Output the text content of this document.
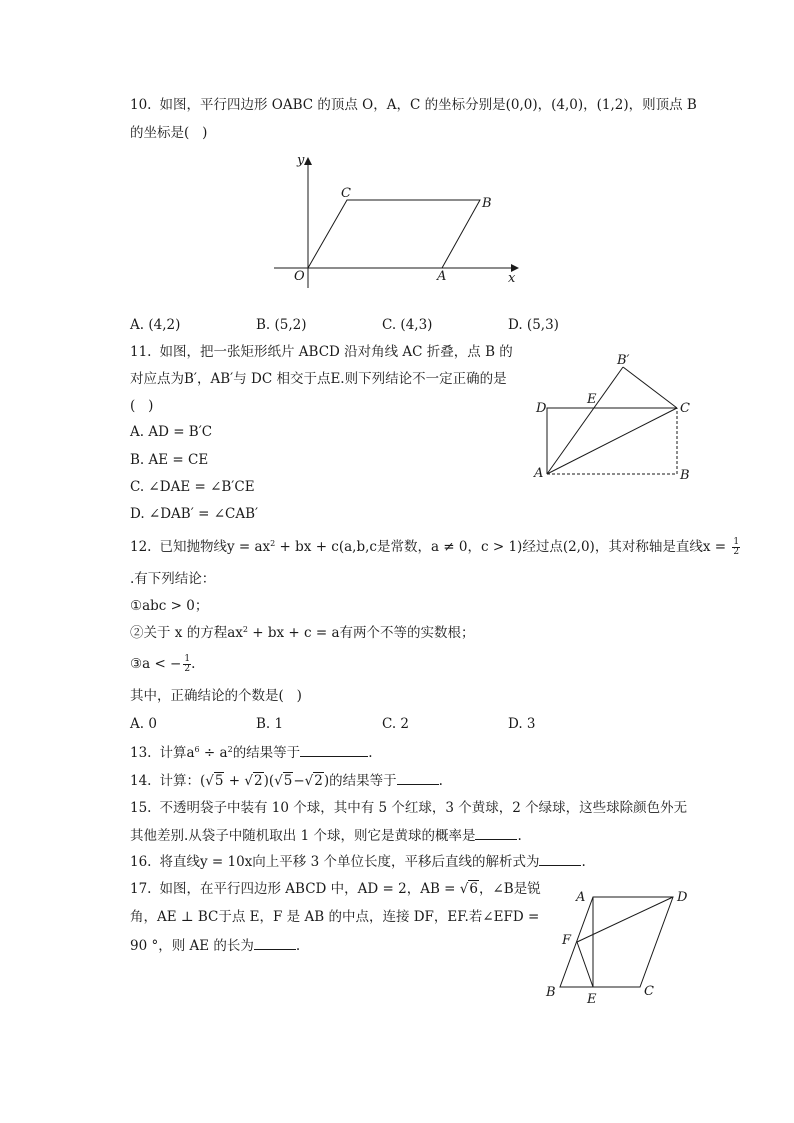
10. 如图，平行四边形 OABC 的顶点 O，A，C 的坐标分别是(0,0)，(4,0)，(1,2)，则顶点 B
的坐标是(   )
y
x
O	A
B
C
A. (4,2)	B. (5,2)	C. (4,3)	D. (5,3)
11. 如图，把一张矩形纸片 ABCD 沿对角线 AC 折叠，点 B 的
对应点为B′，AB′与 DC 相交于点E.则下列结论不一定正确的是
(   )
A. AD = B′C
B. AE = CE
C. ∠DAE = ∠B′CE
D. ∠DAB′ = ∠CAB′
B′
E
D	C
A	B
12. 已知抛物线$y = ax^2$ + bx + c(a,b,c是常数，a ≠ 0，c > 1)经过点(2,0)，其对称轴是直线$x = \frac{1}{2}$
.有下列结论：
①abc > 0；
②关于 x 的方程$ax^2$ + bx + c = a有两个不等的实数根；
③a < − $\frac{1}{2}$ .
其中，正确结论的个数是(   )
A. 0	B. 1	C. 2	D. 3
13. 计算$a^6 \div a^2$的结果等于	.
14. 计算：(√5 + √2)(√5−√2)的结果等于	.
15. 不透明袋子中装有 10 个球，其中有 5 个红球，3 个黄球，2 个绿球，这些球除颜色外无
其他差别.从袋子中随机取出 1 个球，则它是黄球的概率是	.
16. 将直线y = 10x向上平移 3 个单位长度，平移后直线的解析式为	.
17. 如图，在平行四边形 ABCD 中，AD = 2，AB = √6，∠B是锐
角，AE ⊥ BC于点 E，F 是 AB 的中点，连接 DF，EF.若∠EFD =
90 °，则 AE 的长为	.
A	D
F
B E
C
